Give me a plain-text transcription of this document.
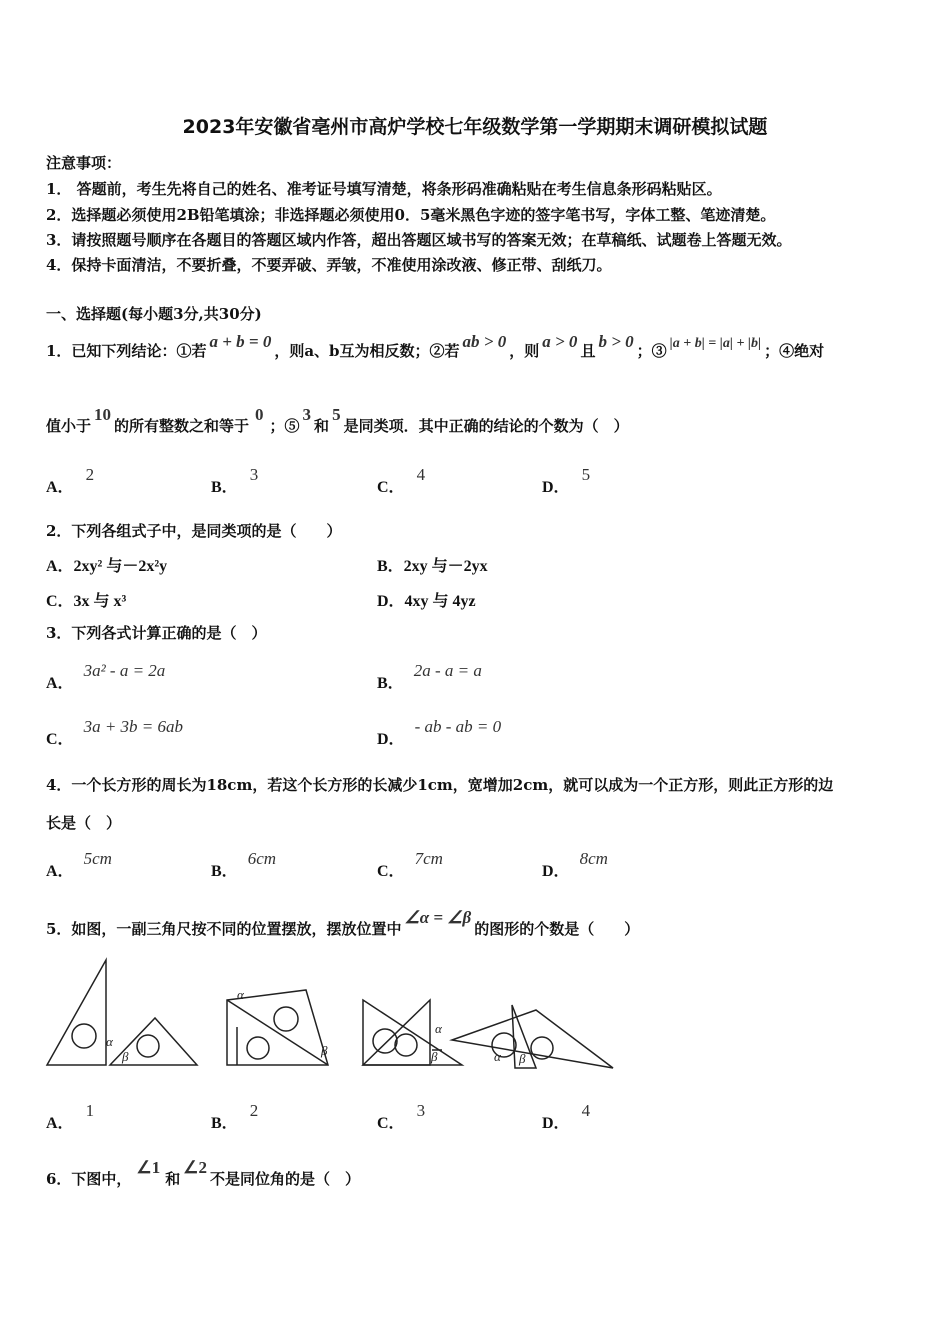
2023年安徽省亳州市高炉学校七年级数学第一学期期末调研模拟试题
注意事项：
1． 答题前，考生先将自己的姓名、准考证号填写清楚，将条形码准确粘贴在考生信息条形码粘贴区。
2．选择题必须使用2B铅笔填涂；非选择题必须使用0．5毫米黑色字迹的签字笔书写，字体工整、笔迹清楚。
3．请按照题号顺序在各题目的答题区域内作答，超出答题区域书写的答案无效；在草稿纸、试题卷上答题无效。
4．保持卡面清洁，不要折叠，不要弄破、弄皱，不准使用涂改液、修正带、刮纸刀。
一、选择题(每小题3分,共30分)
1．已知下列结论：①若 a + b = 0 ，则a、b互为相反数；②若 ab > 0 ，则 a > 0 且 b > 0 ；③ |a + b| = |a| + |b| ；④绝对
值小于10的所有整数之和等于0；⑤3和5是同类项．其中正确的结论的个数为（　）
A．2
B．3
C．4
D．5
2．下列各组式子中，是同类项的是（　　）
A．2xy² 与－2x²y	B．2xy 与－2yx
C．3x 与 x³	D．4xy 与 4yz
3．下列各式计算正确的是（　）
A．3a² - a = 2a
B．2a - a = a
C．3a + 3b = 6ab
D．- ab - ab = 0
4．一个长方形的周长为18cm，若这个长方形的长减少1cm，宽增加2cm，就可以成为一个正方形，则此正方形的边
长是（　）
A．5cm
B．6cm
C．7cm
D．8cm
5．如图，一副三角尺按不同的位置摆放，摆放位置中∠α = ∠β的图形的个数是（　　）
α
β
α
β
α
β	α β
A．1
B．2
C．3
D．4
6．下图中，∠1和∠2不是同位角的是（　）
